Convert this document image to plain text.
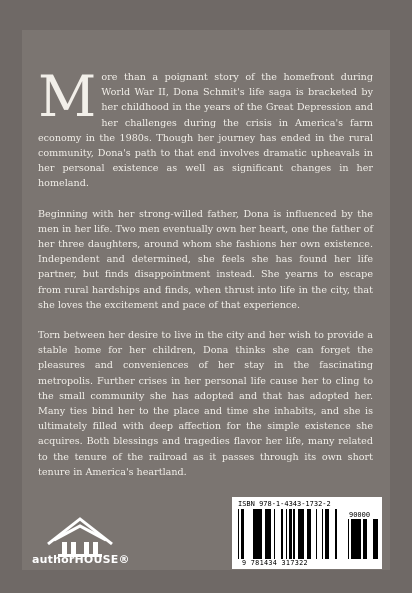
More than a poignant story of the homefront during World War II, Dona Schmit's life saga is bracketed by her childhood in the years of the Great Depression and her challenges during the crisis in America's farm economy in the 1980s. Though her journey has ended in the rural community, Dona's path to that end involves dramatic upheavals in her personal existence as well as significant changes in her homeland.

Beginning with her strong-willed father, Dona is influenced by the men in her life. Two men eventually own her heart, one the father of her three daughters, around whom she fashions her own existence. Independent and determined, she feels she has found her life partner, but finds disappointment instead. She yearns to escape from rural hardships and finds, when thrust into life in the city, that she loves the excitement and pace of that experience.

Torn between her desire to live in the city and her wish to provide a stable home for her children, Dona thinks she can forget the pleasures and conveniences of her stay in the fascinating metropolis. Further crises in her personal life cause her to cling to the small community she has adopted and that has adopted her. Many ties bind her to the place and time she inhabits, and she is ultimately filled with deep affection for the simple existence she acquires. Both blessings and tragedies flavor her life, many related to the tenure of the railroad as it passes through its own short tenure in America's heartland.

authorHOUSE®
ISBN 978-1-4343-1732-2
90000
9 781434 317322
